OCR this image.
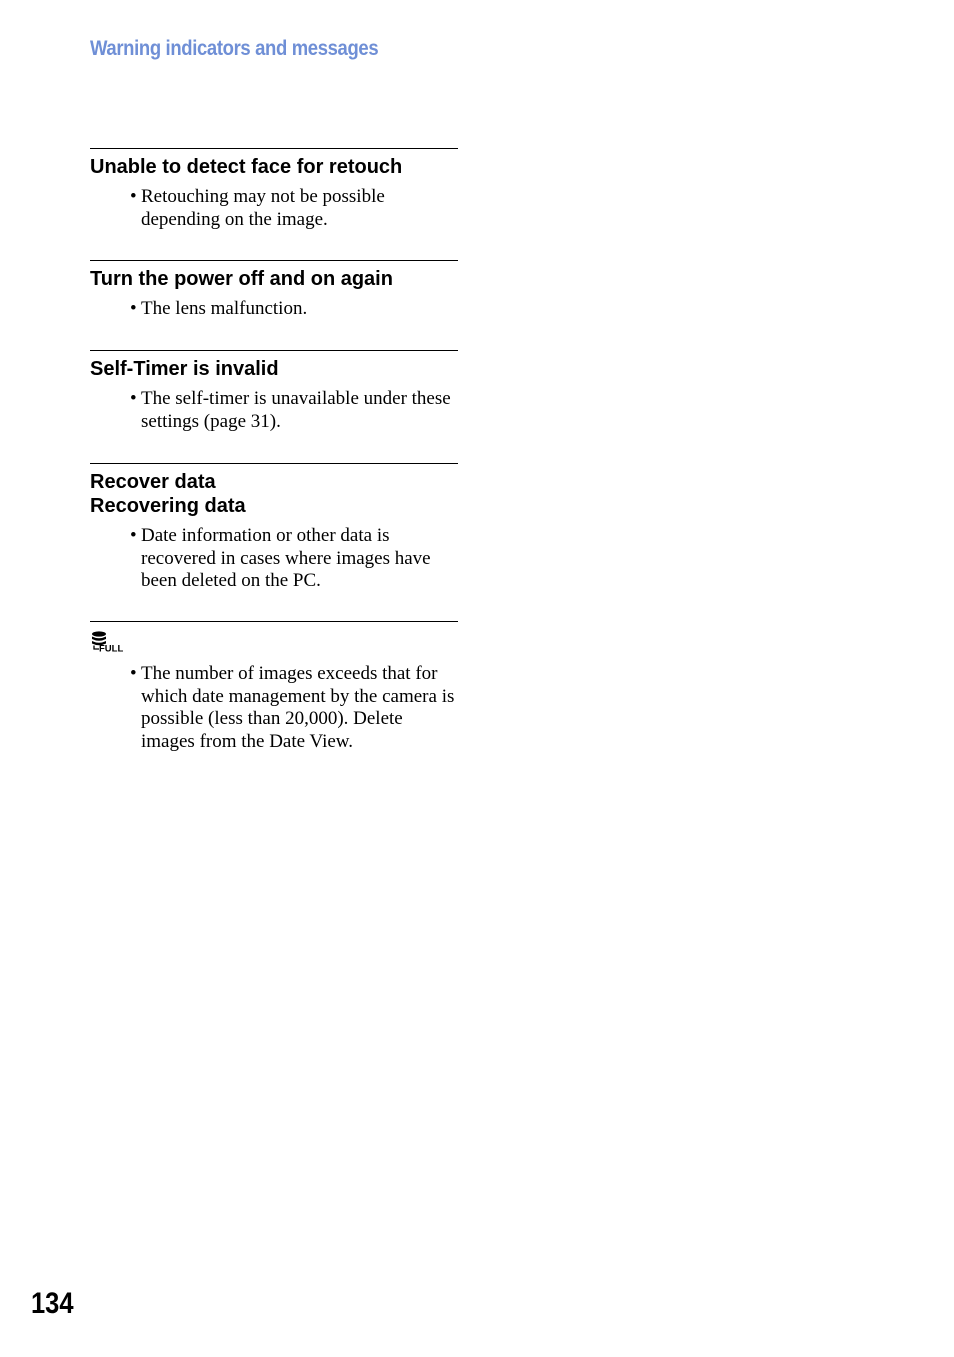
Warning indicators and messages
Unable to detect face for retouch
• Retouching may not be possible depending on the image.
Turn the power off and on again
• The lens malfunction.
Self-Timer is invalid
• The self-timer is unavailable under these settings (page 31).
Recover data
Recovering data
• Date information or other data is recovered in cases where images have been deleted on the PC.
FULL
• The number of images exceeds that for which date management by the camera is possible (less than 20,000). Delete images from the Date View.
134
